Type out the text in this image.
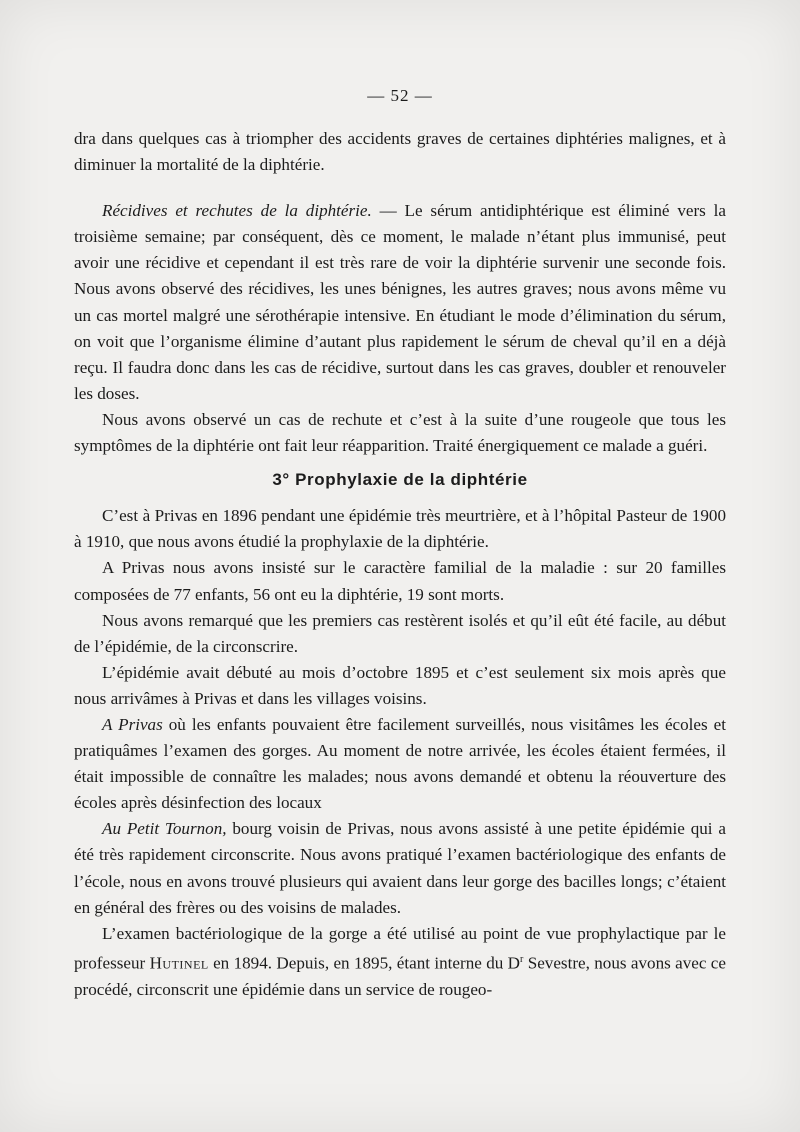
— 52 —

dra dans quelques cas à triompher des accidents graves de certaines diphtéries malignes, et à diminuer la mortalité de la diphtérie.

Récidives et rechutes de la diphtérie. — Le sérum antidiphtérique est éliminé vers la troisième semaine; par conséquent, dès ce moment, le malade n’étant plus immunisé, peut avoir une récidive et cependant il est très rare de voir la diphtérie survenir une seconde fois. Nous avons observé des récidives, les unes bénignes, les autres graves; nous avons même vu un cas mortel malgré une sérothérapie intensive. En étudiant le mode d’élimination du sérum, on voit que l’organisme élimine d’autant plus rapidement le sérum de cheval qu’il en a déjà reçu. Il faudra donc dans les cas de récidive, surtout dans les cas graves, doubler et renouveler les doses.

Nous avons observé un cas de rechute et c’est à la suite d’une rougeole que tous les symptômes de la diphtérie ont fait leur réapparition. Traité énergiquement ce malade a guéri.

3° Prophylaxie de la diphtérie

C’est à Privas en 1896 pendant une épidémie très meurtrière, et à l’hôpital Pasteur de 1900 à 1910, que nous avons étudié la prophylaxie de la diphtérie.

A Privas nous avons insisté sur le caractère familial de la maladie : sur 20 familles composées de 77 enfants, 56 ont eu la diphtérie, 19 sont morts.

Nous avons remarqué que les premiers cas restèrent isolés et qu’il eût été facile, au début de l’épidémie, de la circonscrire.

L’épidémie avait débuté au mois d’octobre 1895 et c’est seulement six mois après que nous arrivâmes à Privas et dans les villages voisins.

A Privas où les enfants pouvaient être facilement surveillés, nous visitâmes les écoles et pratiquâmes l’examen des gorges. Au moment de notre arrivée, les écoles étaient fermées, il était impossible de connaître les malades; nous avons demandé et obtenu la réouverture des écoles après désinfection des locaux

Au Petit Tournon, bourg voisin de Privas, nous avons assisté à une petite épidémie qui a été très rapidement circonscrite. Nous avons pratiqué l’examen bactériologique des enfants de l’école, nous en avons trouvé plusieurs qui avaient dans leur gorge des bacilles longs; c’étaient en général des frères ou des voisins de malades.

L’examen bactériologique de la gorge a été utilisé au point de vue prophylactique par le professeur Hutinel en 1894. Depuis, en 1895, étant interne du $D^r$ Sevestre, nous avons avec ce procédé, circonscrit une épidémie dans un service de rougeo-
